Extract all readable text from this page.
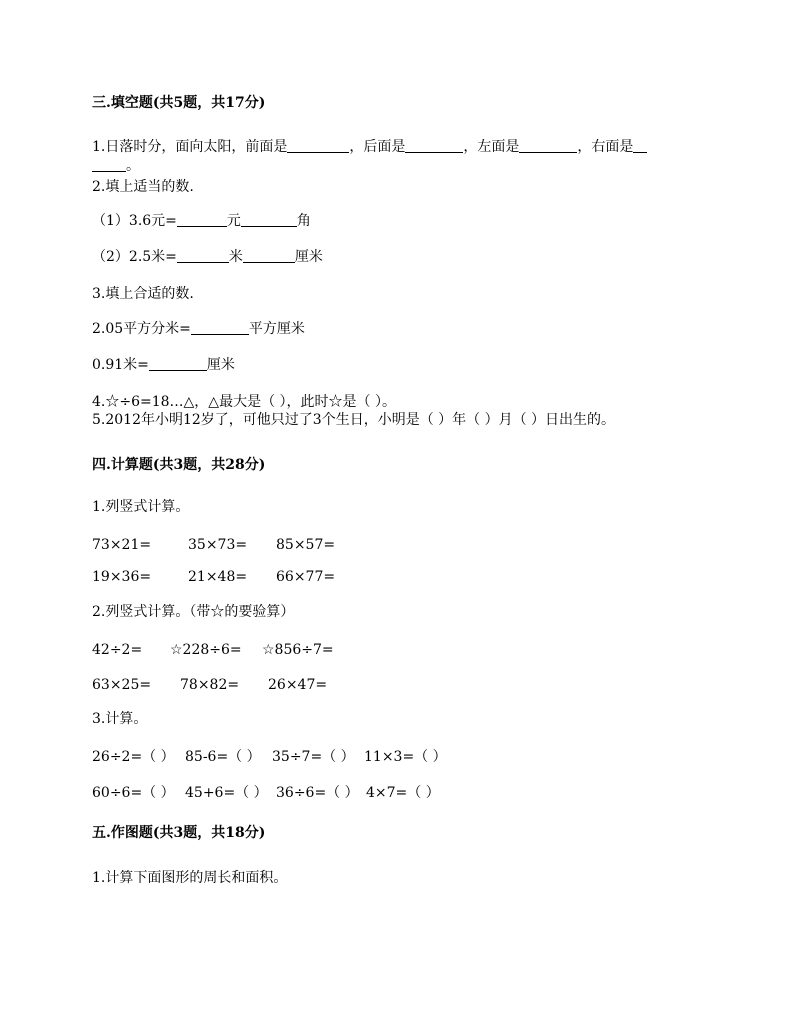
三.填空题(共5题，共17分)
1.日落时分，面向太阳，前面是	，后面是	，左面是	，右面是
。
2.填上适当的数.
（1）3.6元=	元	角
（2）2.5米=	米	厘米
3.填上合适的数.
2.05平方分米=	平方厘米
0.91米=	厘米
4.☆÷6=18…△，△最大是（ ），此时☆是（ ）。
5.2012年小明12岁了，可他只过了3个生日，小明是（ ）年（ ）月（ ）日出生的。
四.计算题(共3题，共28分)
1.列竖式计算。
73×21=	35×73= 85×57=
19×36=	21×48= 66×77=
2.列竖式计算。（带☆的要验算）
42÷2= ☆228÷6= ☆856÷7=
63×25= 78×82= 26×47=
3.计算。
26÷2=（ ） 85-6=（ ） 35÷7=（ ） 11×3=（ ）
60÷6=（ ） 45+6=（ ） 36÷6=（ ） 4×7=（ ）
五.作图题(共3题，共18分)
1.计算下面图形的周长和面积。
